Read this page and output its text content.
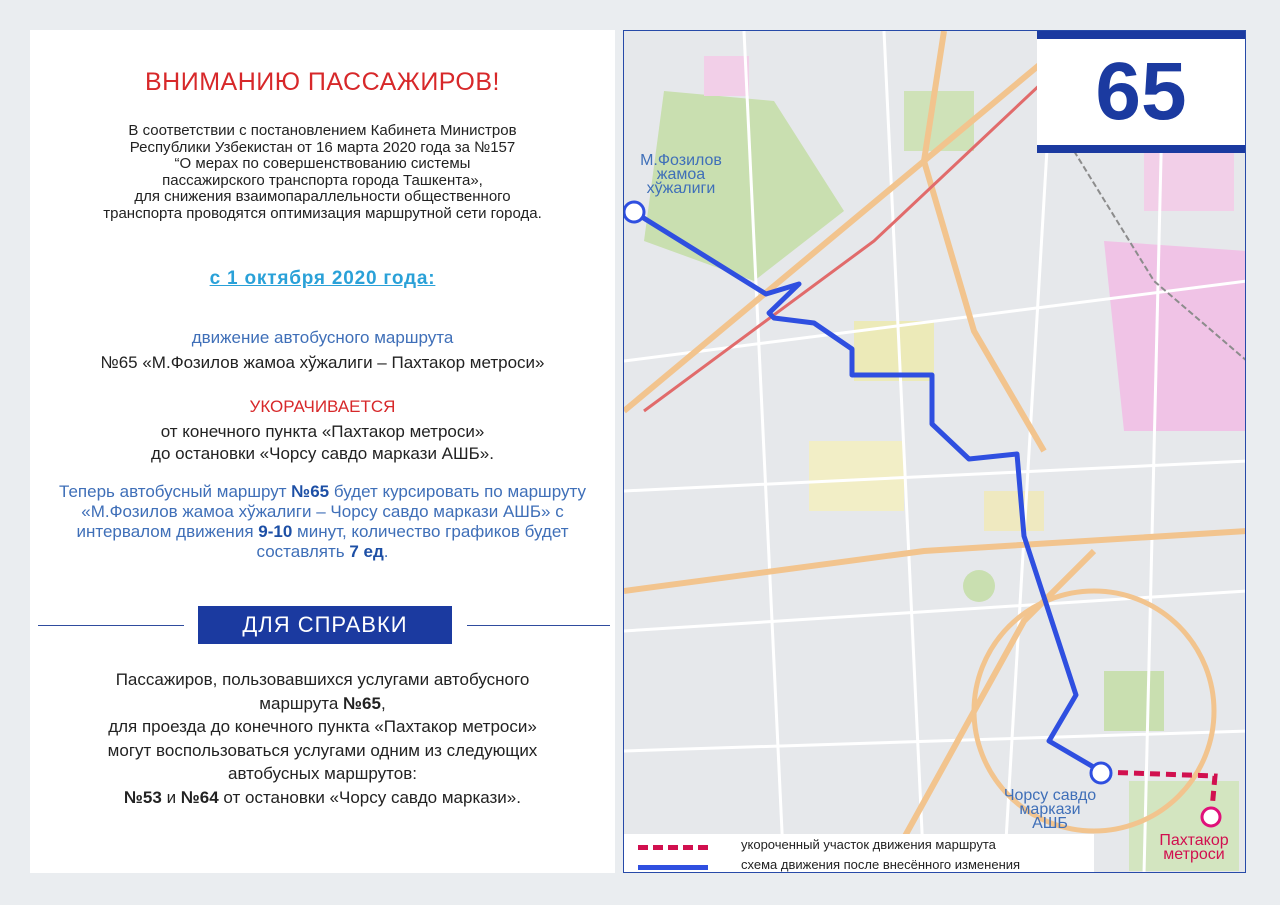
ВНИМАНИЮ ПАССАЖИРОВ!
В соответствии с постановлением Кабинета Министров
Республики Узбекистан от 16 марта 2020 года за №157
“О мерах по совершенствованию системы
пассажирского транспорта города Ташкента»,
для снижения взаимопараллельности общественного
транспорта проводятся оптимизация маршрутной сети города.
с 1 октября 2020 года:
движение автобусного маршрута
№65 «М.Фозилов жамоа хўжалиги – Пахтакор метроси»
УКОРАЧИВАЕТСЯ
от конечного пункта «Пахтакор метроси»
до остановки «Чорсу савдо маркази АШБ».
Теперь автобусный маршрут №65 будет курсировать по маршруту «М.Фозилов жамоа хўжалиги – Чорсу савдо маркази АШБ» с интервалом движения 9-10 минут, количество графиков будет составлять 7 ед.
ДЛЯ СПРАВКИ
Пассажиров, пользовавшихся услугами автобусного
маршрута №65,
для проезда до конечного пункта «Пахтакор метроси»
могут воспользоваться услугами одним из следующих
автобусных маршрутов:
№53 и №64 от остановки «Чорсу савдо маркази».
65
М.Фозилов
жамоа
хўжалиги
Чорсу савдо
маркази
АШБ
Пахтакор
метроси
укороченный участок движения маршрута
схема движения после внесённого изменения
